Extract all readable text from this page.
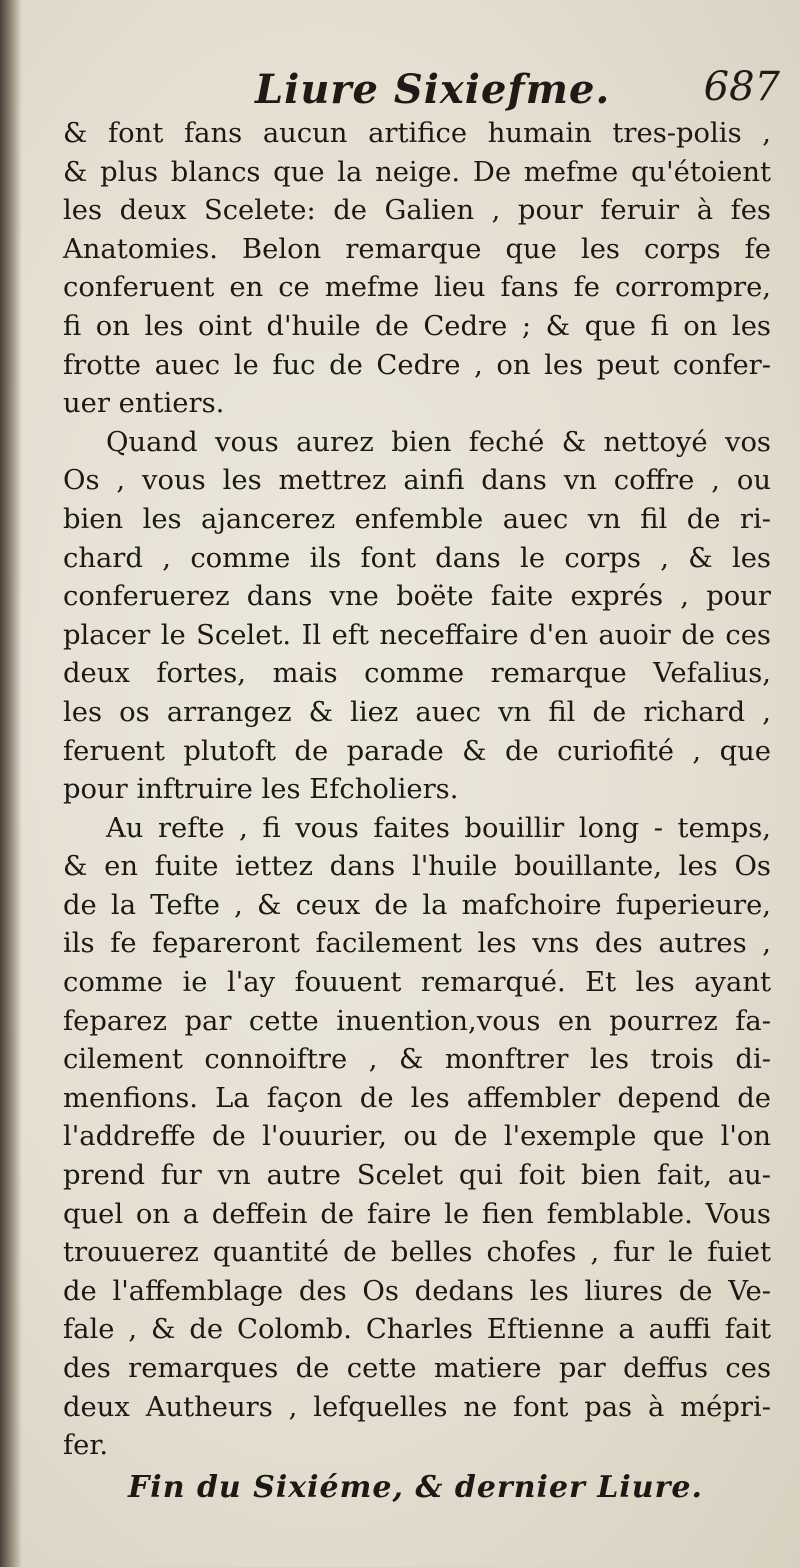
Liure Sixiefme. 687
& font fans aucun artifice humain tres-polis ,
& plus blancs que la neige. De mefme qu'étoient
les deux Scelete: de Galien , pour feruir à fes
Anatomies. Belon remarque que les corps fe
conferuent en ce mefme lieu fans fe corrompre,
fi on les oint d'huile de Cedre ; & que fi on les
frotte auec le fuc de Cedre , on les peut confer-
uer entiers.
Quand vous aurez bien feché & nettoyé vos
Os , vous les mettrez ainfi dans vn coffre , ou
bien les ajancerez enfemble auec vn fil de ri-
chard , comme ils font dans le corps , & les
conferuerez dans vne boëte faite exprés , pour
placer le Scelet. Il eft neceffaire d'en auoir de ces
deux fortes, mais comme remarque Vefalius,
les os arrangez & liez auec vn fil de richard ,
feruent plutoft de parade & de curiofité , que
pour inftruire les Efcholiers.
Au refte , fi vous faites bouillir long - temps,
& en fuite iettez dans l'huile bouillante, les Os
de la Tefte , & ceux de la mafchoire fuperieure,
ils fe fepareront facilement les vns des autres ,
comme ie l'ay fouuent remarqué. Et les ayant
feparez par cette inuention,vous en pourrez fa-
cilement connoiftre , & monftrer les trois di-
menfions. La façon de les affembler depend de
l'addreffe de l'ouurier, ou de l'exemple que l'on
prend fur vn autre Scelet qui foit bien fait, au-
quel on a deffein de faire le fien femblable. Vous
trouuerez quantité de belles chofes , fur le fuiet
de l'affemblage des Os dedans les liures de Ve-
fale , & de Colomb. Charles Eftienne a auffi fait
des remarques de cette matiere par deffus ces
deux Autheurs , lefquelles ne font pas à mépri-
fer.
Fin du Sixiéme, & dernier Liure.
